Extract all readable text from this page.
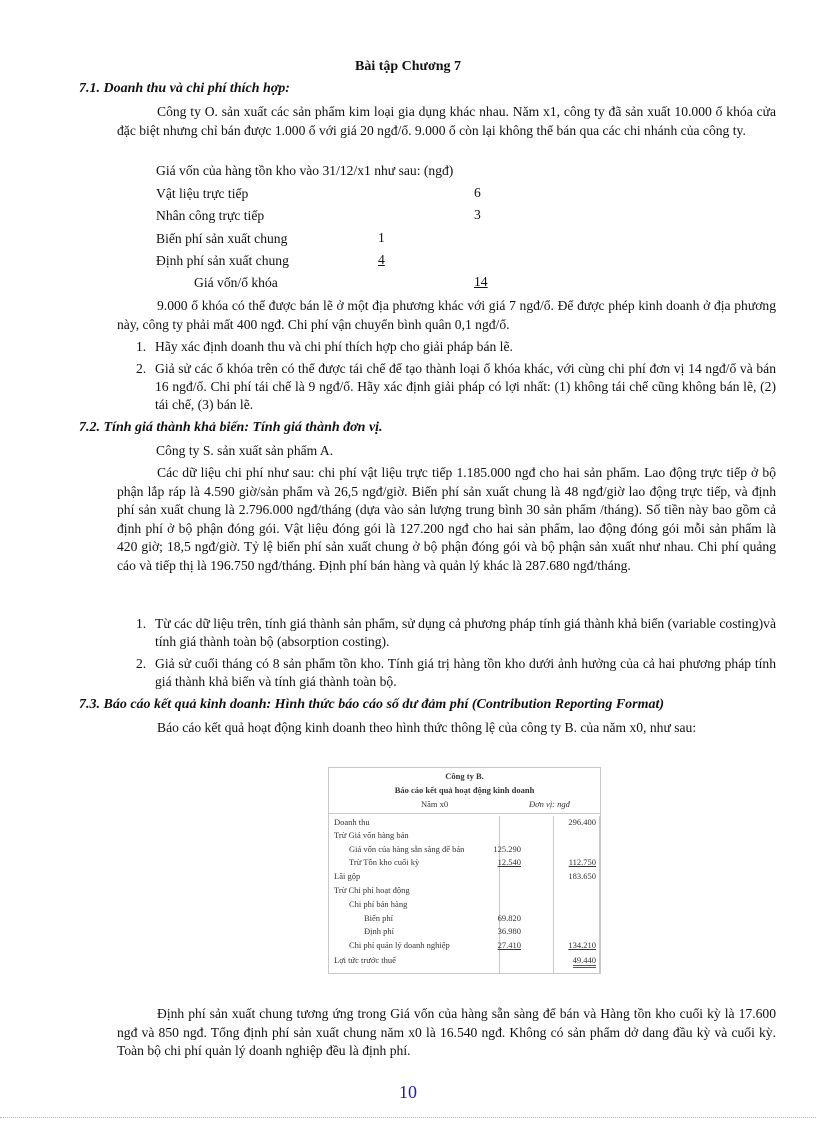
Bài tập Chương 7
7.1. Doanh thu và chi phí thích hợp:

Công ty O. sản xuất các sản phẩm kim loại gia dụng khác nhau. Năm x1, công ty đã sản xuất 10.000 ổ khóa cửa đặc biệt nhưng chỉ bán được 1.000 ổ với giá 20 ngđ/ổ. 9.000 ổ còn lại không thể bán qua các chi nhánh của công ty.

Giá vốn của hàng tồn kho vào 31/12/x1 như sau: (ngđ)
Vật liệu trực tiếp	6
Nhân công trực tiếp	3
Biến phí sản xuất chung	1
Định phí sản xuất chung	4
Giá vốn/ổ khóa	14

9.000 ổ khóa có thể được bán lẽ ở một địa phương khác với giá 7 ngđ/ổ. Để được phép kinh doanh ở địa phương này, công ty phải mất 400 ngđ. Chi phí vận chuyển bình quân 0,1 ngđ/ổ.

1. Hãy xác định doanh thu và chi phí thích hợp cho giải pháp bán lẽ.
2. Giả sử các ổ khóa trên có thể được tái chế để tạo thành loại ổ khóa khác, với cùng chi phí đơn vị 14 ngđ/ổ và bán 16 ngđ/ổ. Chi phí tái chế là 9 ngđ/ổ. Hãy xác định giải pháp có lợi nhất: (1) không tái chế cũng không bán lẽ, (2) tái chế, (3) bán lẽ.
7.2. Tính giá thành khả biến: Tính giá thành đơn vị.
Công ty S. sản xuất sản phẩm A.

Các dữ liệu chi phí như sau: chi phí vật liệu trực tiếp 1.185.000 ngđ cho hai sản phẩm. Lao động trực tiếp ở bộ phận lắp ráp là 4.590 giờ/sản phẩm và 26,5 ngđ/giờ. Biến phí sản xuất chung là 48 ngđ/giờ lao động trực tiếp, và định phí sản xuất chung là 2.796.000 ngđ/tháng (dựa vào sản lượng trung bình 30 sản phẩm /tháng). Số tiền này bao gồm cả định phí ở bộ phận đóng gói. Vật liệu đóng gói là 127.200 ngđ cho hai sản phẩm, lao động đóng gói mỗi sản phẩm là 420 giờ; 18,5 ngđ/giờ. Tỷ lệ biến phí sản xuất chung ở bộ phận đóng gói và bộ phận sản xuất như nhau. Chi phí quảng cáo và tiếp thị là 196.750 ngđ/tháng. Định phí bán hàng và quản lý khác là 287.680 ngđ/tháng.

1. Từ các dữ liệu trên, tính giá thành sản phẩm, sử dụng cả phương pháp tính giá thành khả biến (variable costing)và tính giá thành toàn bộ (absorption costing).
2. Giả sử cuối tháng có 8 sản phẩm tồn kho. Tính giá trị hàng tồn kho dưới ảnh hưởng của cả hai phương pháp tính giá thành khả biến và tính giá thành toàn bộ.
7.3. Báo cáo kết quả kinh doanh: Hình thức báo cáo số dư đảm phí (Contribution Reporting Format)

Báo cáo kết quả hoạt động kinh doanh theo hình thức thông lệ của công ty B. của năm x0, như sau:

Công ty B.
Báo cáo kết quả hoạt động kinh doanh
Năm x0	Đơn vị: ngđ
Doanh thu	296.400
Trừ Giá vốn hàng bán
Giá vốn của hàng sẵn sàng để bán	125.290
Trừ Tồn kho cuối kỳ	12.540	112.750
Lãi gộp	183.650
Trừ Chi phí hoạt động
Chi phí bán hàng
Biến phí	69.820
Định phí	36.980
Chi phí quản lý doanh nghiệp	27.410	134.210
Lợi tức trước thuế	49.440

Định phí sản xuất chung tương ứng trong Giá vốn của hàng sẵn sàng để bán và Hàng tồn kho cuối kỳ là 17.600 ngđ và 850 ngđ. Tổng định phí sản xuất chung năm x0 là 16.540 ngđ. Không có sản phẩm dở dang đầu kỳ và cuối kỳ. Toàn bộ chi phí quản lý doanh nghiệp đều là định phí.

10
